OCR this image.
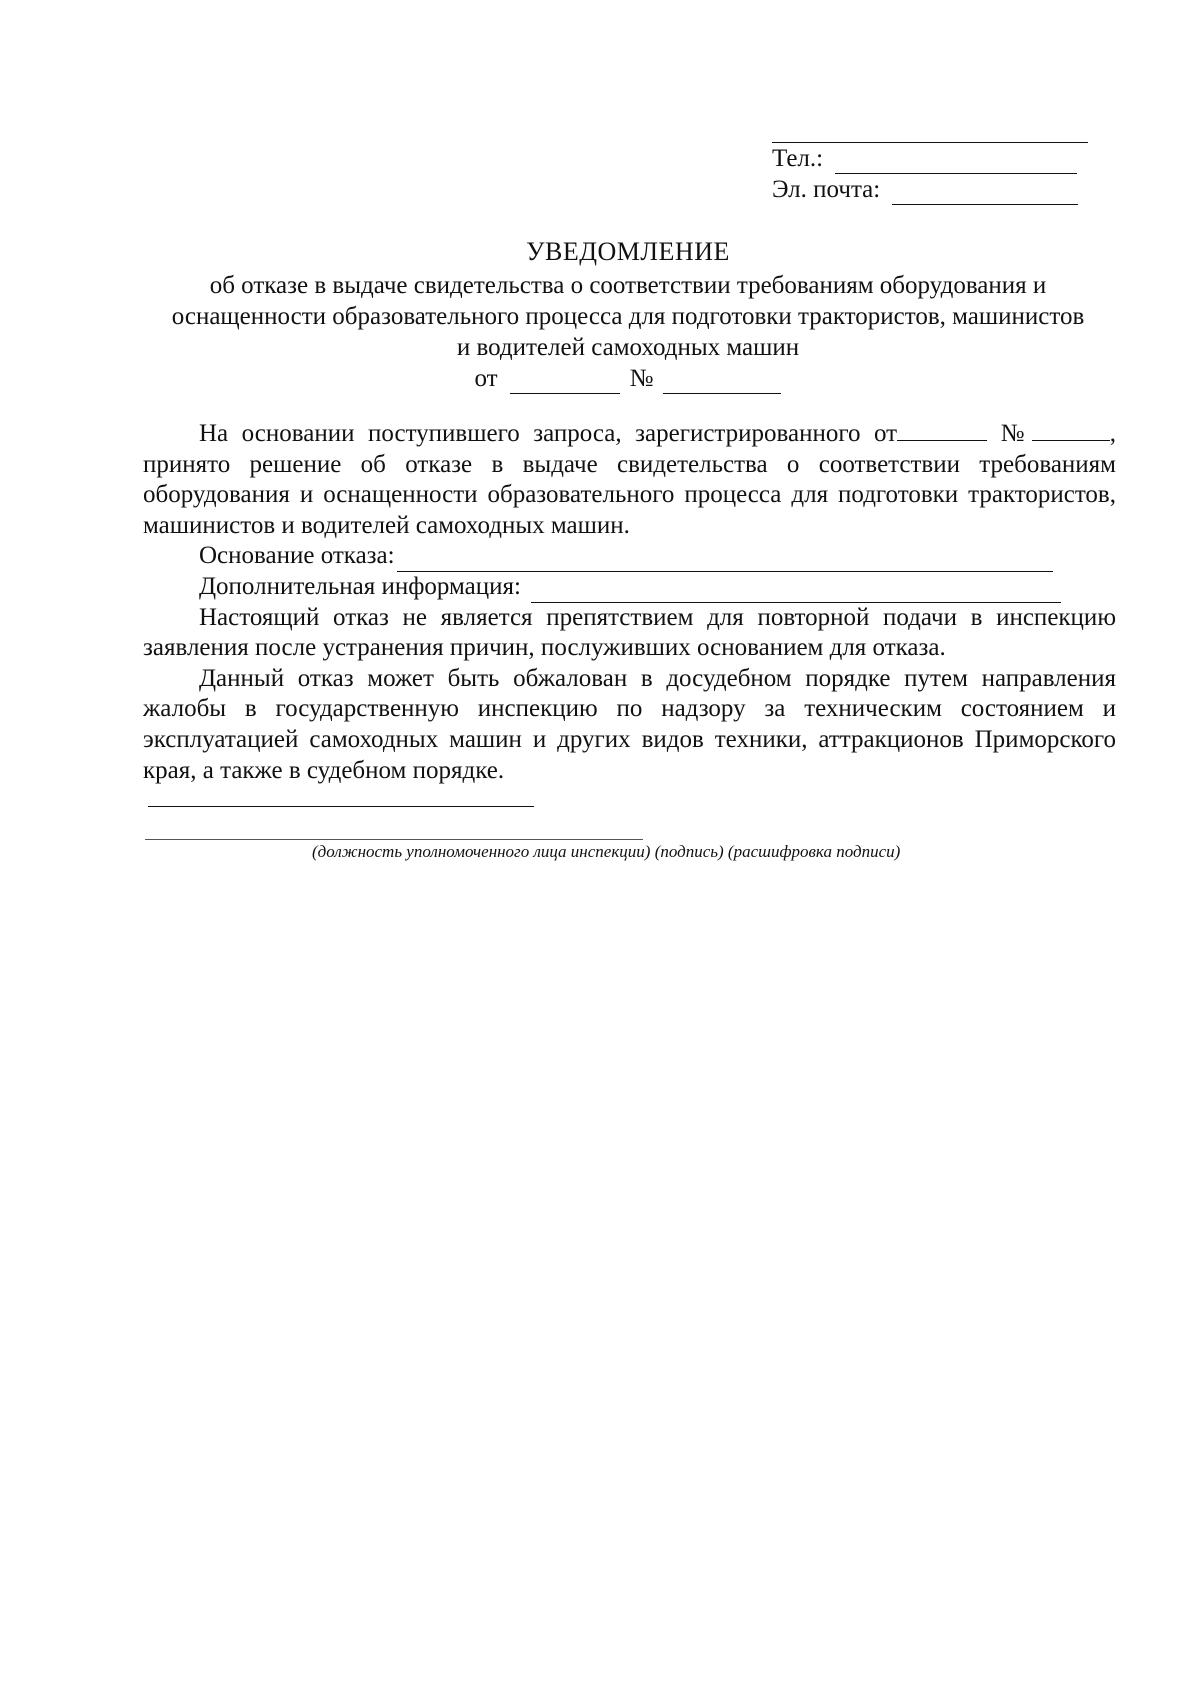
Тел.:
Эл. почта:
УВЕДОМЛЕНИЕ
об отказе в выдаче свидетельства о соответствии требованиям оборудования и
оснащенности образовательного процесса для подготовки трактористов, машинистов
и водителей самоходных машин
от	№

На основании поступившего запроса, зарегистрированного от	№	, принято решение об отказе в выдаче свидетельства о соответствии требованиям оборудования и оснащенности образовательного процесса для подготовки трактористов, машинистов и водителей самоходных машин.

Основание отказа:
Дополнительная информация:

Настоящий отказ не является препятствием для повторной подачи в инспекцию заявления после устранения причин, послуживших основанием для отказа.

Данный отказ может быть обжалован в досудебном порядке путем направления жалобы в государственную инспекцию по надзору за техническим состоянием и эксплуатацией самоходных машин и других видов техники, аттракционов Приморского края, а также в судебном порядке.

(должность уполномоченного лица инспекции) (подпись) (расшифровка подписи)
